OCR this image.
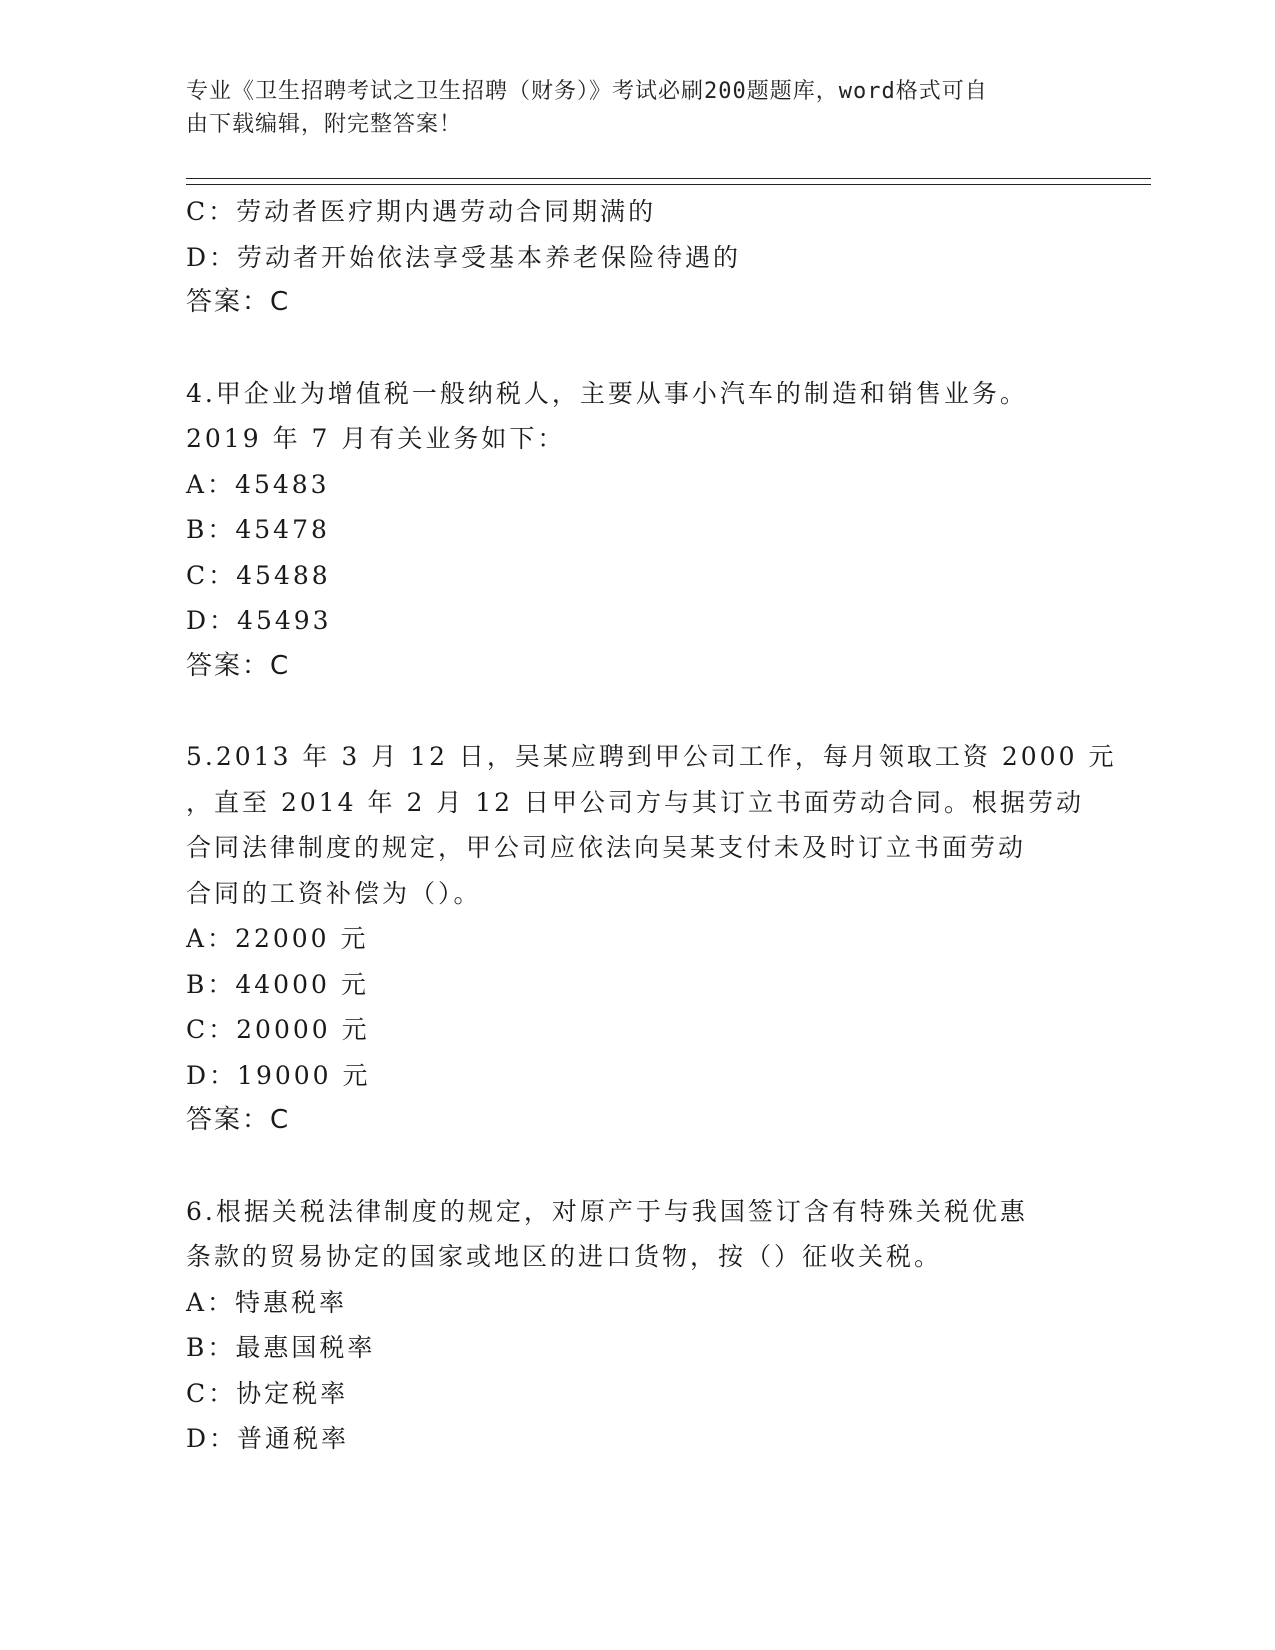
专业《卫生招聘考试之卫生招聘（财务）》考试必刷200题题库，word格式可自
由下载编辑，附完整答案！
C：劳动者医疗期内遇劳动合同期满的
D：劳动者开始依法享受基本养老保险待遇的
答案：C
4.甲企业为增值税一般纳税人，主要从事小汽车的制造和销售业务。
2019 年 7 月有关业务如下：
A：45483
B：45478
C：45488
D：45493
答案：C
5.2013 年 3 月 12 日，吴某应聘到甲公司工作，每月领取工资 2000 元
，直至 2014 年 2 月 12 日甲公司方与其订立书面劳动合同。根据劳动
合同法律制度的规定，甲公司应依法向吴某支付未及时订立书面劳动
合同的工资补偿为（）。
A：22000 元
B：44000 元
C：20000 元
D：19000 元
答案：C
6.根据关税法律制度的规定，对原产于与我国签订含有特殊关税优惠
条款的贸易协定的国家或地区的进口货物，按（）征收关税。
A：特惠税率
B：最惠国税率
C：协定税率
D：普通税率
